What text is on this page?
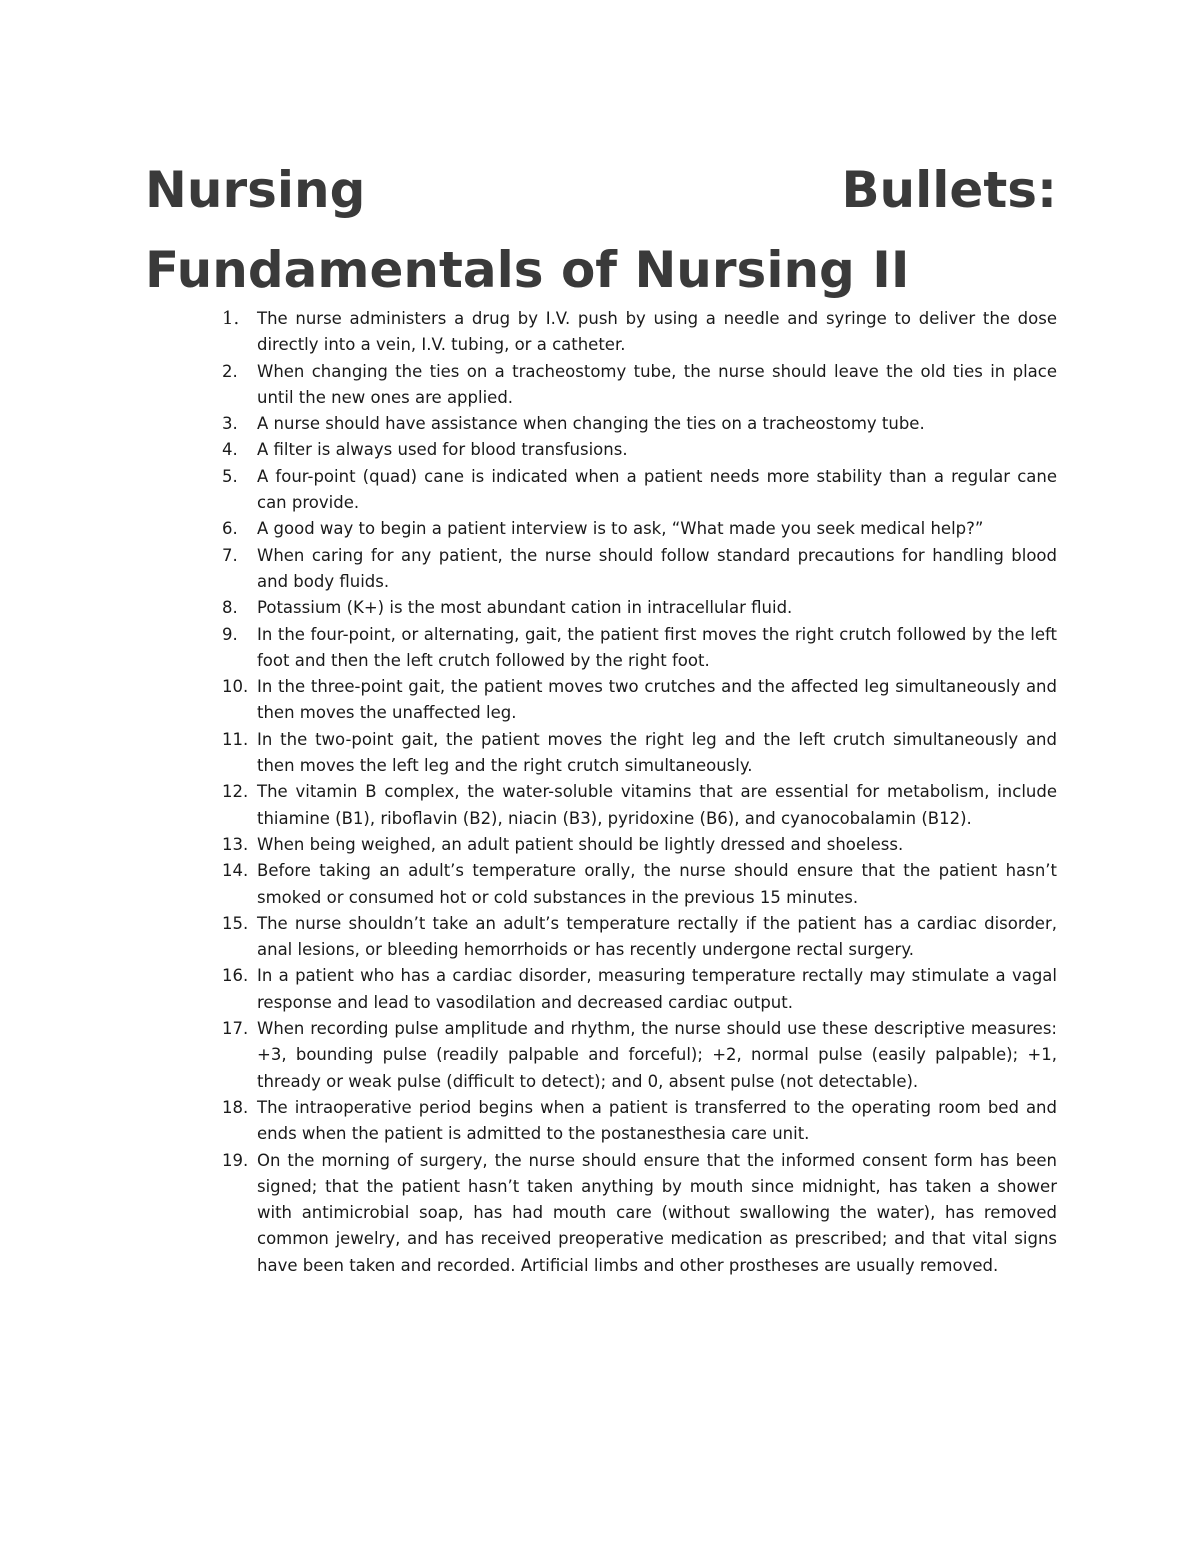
Nursing	Bullets:
Fundamentals of Nursing II
1.	The nurse administers a drug by I.V. push by using a needle and syringe to deliver the dose directly into a vein, I.V. tubing, or a catheter.
2.	When changing the ties on a tracheostomy tube, the nurse should leave the old ties in place until the new ones are applied.
3.	A nurse should have assistance when changing the ties on a tracheostomy tube.
4.	A filter is always used for blood transfusions.
5.	A four-point (quad) cane is indicated when a patient needs more stability than a regular cane can provide.
6.	A good way to begin a patient interview is to ask, “What made you seek medical help?”
7.	When caring for any patient, the nurse should follow standard precautions for handling blood and body fluids.
8.	Potassium (K+) is the most abundant cation in intracellular fluid.
9.	In the four-point, or alternating, gait, the patient first moves the right crutch followed by the left foot and then the left crutch followed by the right foot.
10. In the three-point gait, the patient moves two crutches and the affected leg simultaneously and then moves the unaffected leg.
11. In the two-point gait, the patient moves the right leg and the left crutch simultaneously and then moves the left leg and the right crutch simultaneously.
12. The vitamin B complex, the water-soluble vitamins that are essential for metabolism, include thiamine (B1), riboflavin (B2), niacin (B3), pyridoxine (B6), and cyanocobalamin (B12).
13. When being weighed, an adult patient should be lightly dressed and shoeless.
14. Before taking an adult’s temperature orally, the nurse should ensure that the patient hasn’t smoked or consumed hot or cold substances in the previous 15 minutes.
15. The nurse shouldn’t take an adult’s temperature rectally if the patient has a cardiac disorder, anal lesions, or bleeding hemorrhoids or has recently undergone rectal surgery.
16. In a patient who has a cardiac disorder, measuring temperature rectally may stimulate a vagal response and lead to vasodilation and decreased cardiac output.
17. When recording pulse amplitude and rhythm, the nurse should use these descriptive measures: +3, bounding pulse (readily palpable and forceful); +2, normal pulse (easily palpable); +1, thready or weak pulse (difficult to detect); and 0, absent pulse (not detectable).
18. The intraoperative period begins when a patient is transferred to the operating room bed and ends when the patient is admitted to the postanesthesia care unit.
19. On the morning of surgery, the nurse should ensure that the informed consent form has been signed; that the patient hasn’t taken anything by mouth since midnight, has taken a shower with antimicrobial soap, has had mouth care (without swallowing the water), has removed common jewelry, and has received preoperative medication as prescribed; and that vital signs have been taken and recorded. Artificial limbs and other prostheses are usually removed.
